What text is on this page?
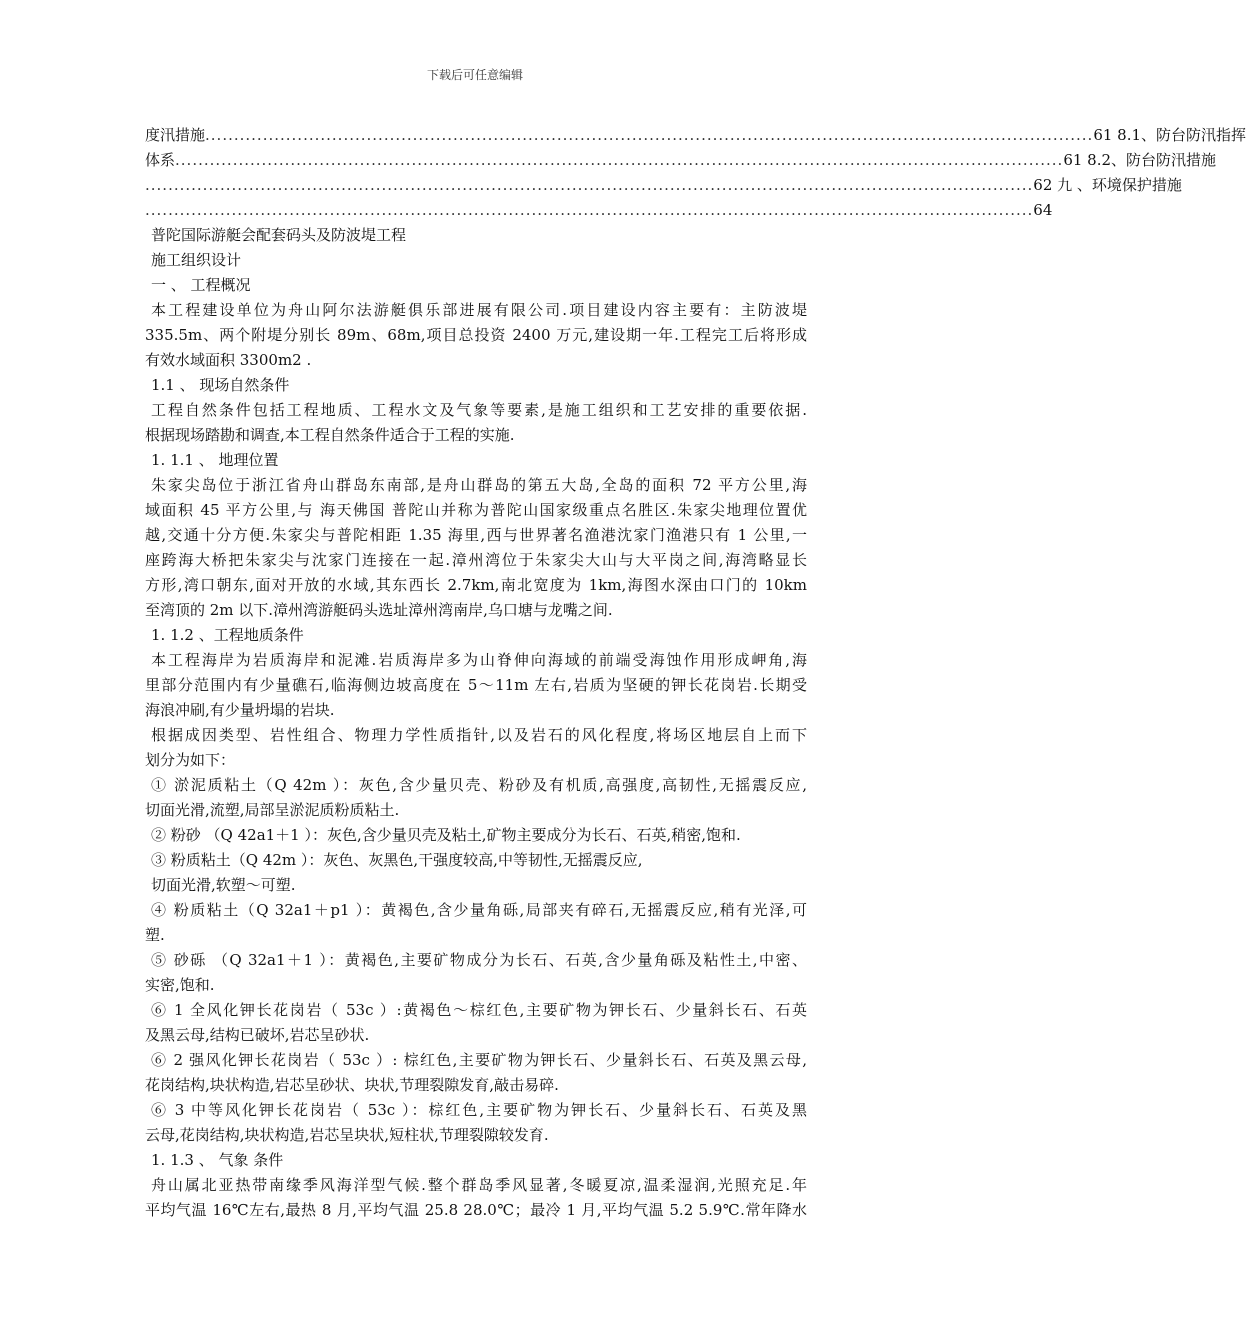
下载后可任意编辑
度汛措施 .......................................................................................................................................................... 61 8.1、防台防汛指挥
体系 .......................................................................................................................................................... 61 8.2、防台防汛措施
.......................................................................................................................................................... 62 九 、环境保护措施
.......................................................................................................................................................... 64
普陀国际游艇会配套码头及防波堤工程
施工组织设计
一 、 工程概况
本工程建设单位为舟山阿尔法游艇俱乐部进展有限公司.项目建设内容主要有：主防波堤
335.5m、两个附堤分别长 89m、68m,项目总投资 2400 万元,建设期一年.工程完工后将形成
有效水域面积 3300m2 .
1.1 、 现场自然条件
工程自然条件包括工程地质、工程水文及气象等要素,是施工组织和工艺安排的重要依据.
根据现场踏勘和调查,本工程自然条件适合于工程的实施.
1. 1.1 、 地理位置
朱家尖岛位于浙江省舟山群岛东南部,是舟山群岛的第五大岛,全岛的面积 72 平方公里,海
域面积 45 平方公里,与 海天佛国 普陀山并称为普陀山国家级重点名胜区.朱家尖地理位置优
越,交通十分方便.朱家尖与普陀相距 1.35 海里,西与世界著名渔港沈家门渔港只有 1 公里,一
座跨海大桥把朱家尖与沈家门连接在一起.漳州湾位于朱家尖大山与大平岗之间,海湾略显长
方形,湾口朝东,面对开放的水域,其东西长 2.7km,南北宽度为 1km,海图水深由口门的 10km
至湾顶的 2m 以下.漳州湾游艇码头选址漳州湾南岸,乌口塘与龙嘴之间.
1. 1.2 、工程地质条件
本工程海岸为岩质海岸和泥滩.岩质海岸多为山脊伸向海域的前端受海蚀作用形成岬角,海
里部分范围内有少量礁石,临海侧边坡高度在 5～11m 左右,岩质为坚硬的钾长花岗岩.长期受
海浪冲刷,有少量坍塌的岩块.
根据成因类型、岩性组合、物理力学性质指针,以及岩石的风化程度,将场区地层自上而下
划分为如下：
① 淤泥质粘土（Q 42m ）：灰色,含少量贝壳、粉砂及有机质,高强度,高韧性,无摇震反应,
切面光滑,流塑,局部呈淤泥质粉质粘土.
② 粉砂 （Q 42a1＋1 ）：灰色,含少量贝壳及粘土,矿物主要成分为长石、石英,稍密,饱和.
③ 粉质粘土（Q 42m ）：灰色、灰黑色,干强度较高,中等韧性,无摇震反应,
切面光滑,软塑～可塑.
④ 粉质粘土（Q 32a1＋p1 ）：黄褐色,含少量角砾,局部夹有碎石,无摇震反应,稍有光泽,可
塑.
⑤ 砂砾 （Q 32a1＋1 ）：黄褐色,主要矿物成分为长石、石英,含少量角砾及粘性土,中密、
实密,饱和.
⑥ 1 全风化钾长花岗岩（ 53c ）:黄褐色～棕红色,主要矿物为钾长石、少量斜长石、石英
及黑云母,结构已破坏,岩芯呈砂状.
⑥ 2 强风化钾长花岗岩（ 53c ）: 棕红色,主要矿物为钾长石、少量斜长石、石英及黑云母,
花岗结构,块状构造,岩芯呈砂状、块状,节理裂隙发育,敲击易碎.
⑥ 3 中等风化钾长花岗岩（ 53c ）：棕红色,主要矿物为钾长石、少量斜长石、石英及黑
云母,花岗结构,块状构造,岩芯呈块状,短柱状,节理裂隙较发育.
1. 1.3 、 气象 条件
舟山属北亚热带南缘季风海洋型气候.整个群岛季风显著,冬暖夏凉,温柔湿润,光照充足.年
平均气温 16℃左右,最热 8 月,平均气温 25.8 28.0℃；最冷 1 月,平均气温 5.2 5.9℃.常年降水
